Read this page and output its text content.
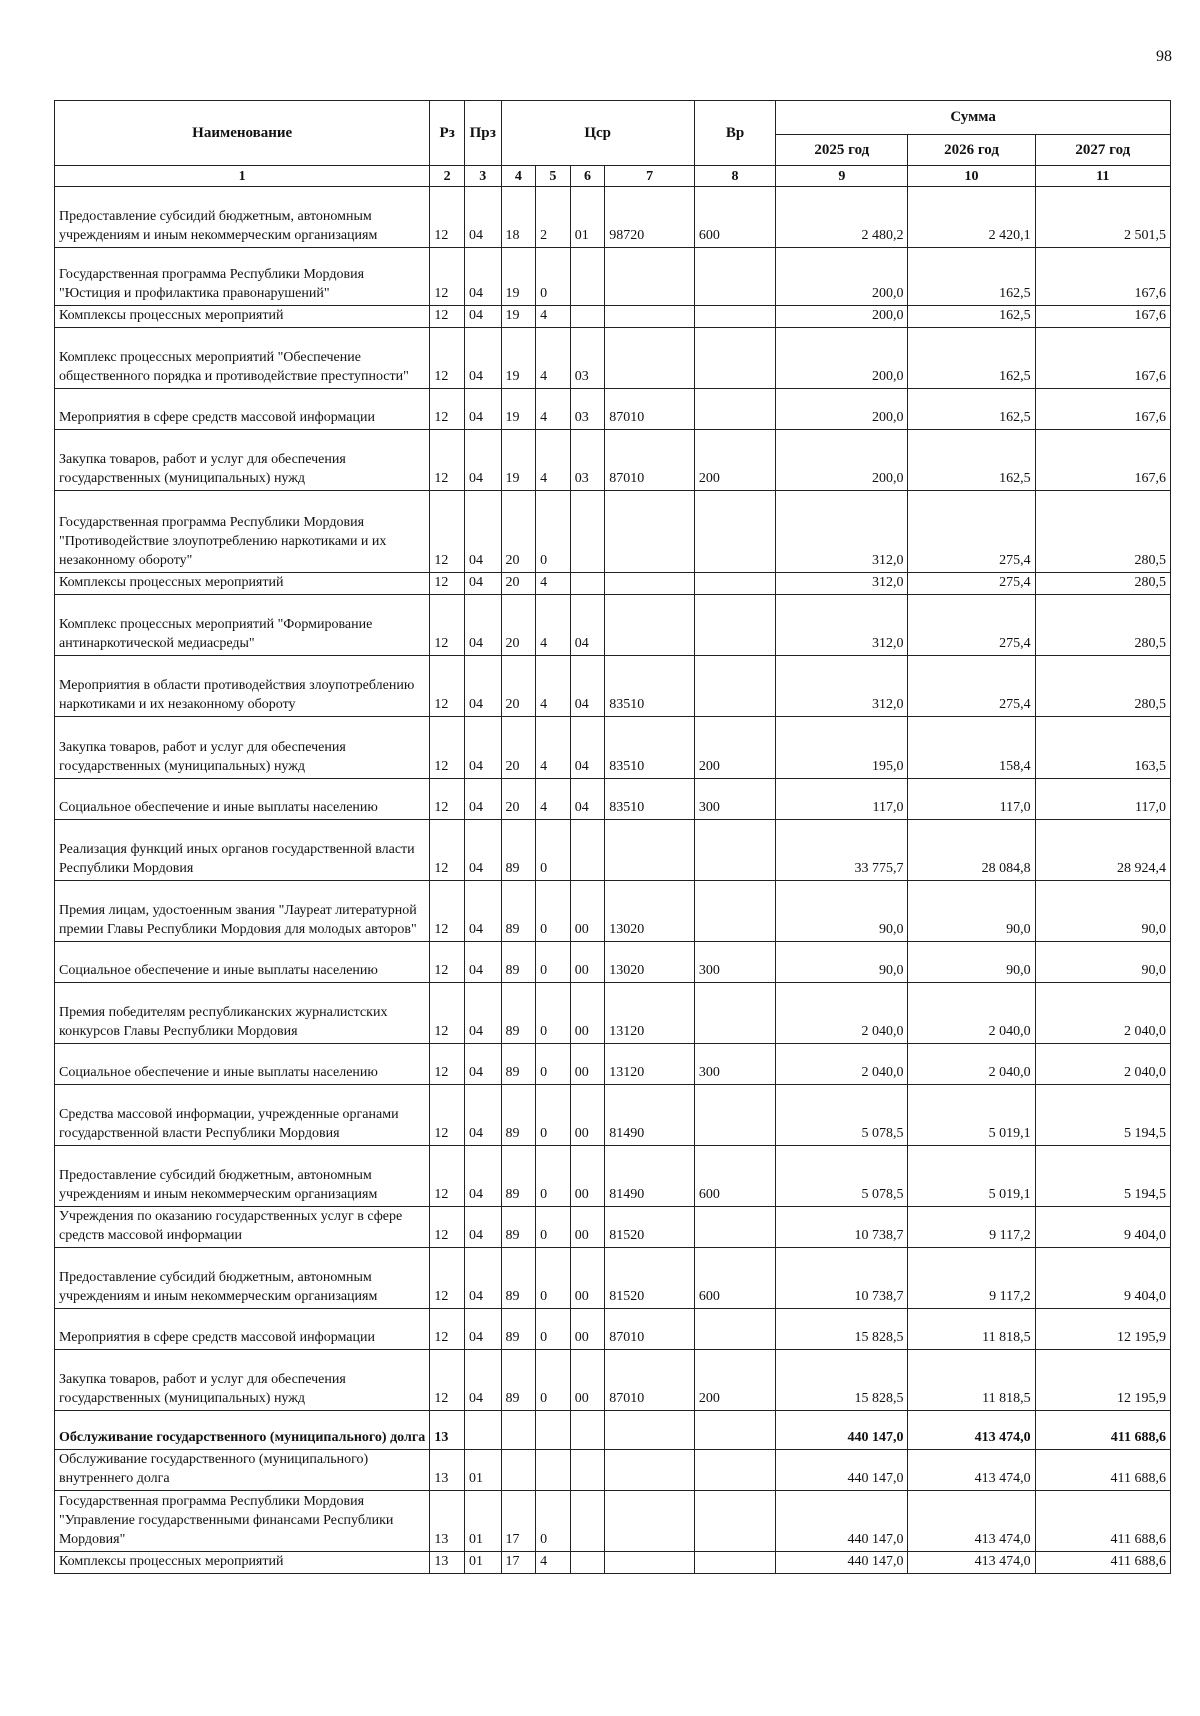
98
Наименование	Рз	Прз	Цср				Вр	Сумма		
								2025 год	2026 год	2027 год
1	2	3	4	5	6	7	8	9	10	11
Предоставление субсидий бюджетным, автономным учреждениям и иным некоммерческим организациям	12	04	18	2	01	98720	600	2 480,2	2 420,1	2 501,5
Государственная программа Республики Мордовия "Юстиция и профилактика правонарушений"	12	04	19	0				200,0	162,5	167,6
Комплексы процессных мероприятий	12	04	19	4				200,0	162,5	167,6
Комплекс процессных мероприятий "Обеспечение общественного порядка и противодействие преступности"	12	04	19	4	03			200,0	162,5	167,6
Мероприятия в сфере средств массовой информации	12	04	19	4	03	87010		200,0	162,5	167,6
Закупка товаров, работ и услуг для обеспечения государственных (муниципальных) нужд	12	04	19	4	03	87010	200	200,0	162,5	167,6
Государственная программа Республики Мордовия "Противодействие злоупотреблению наркотиками и их незаконному обороту"	12	04	20	0				312,0	275,4	280,5
Комплексы процессных мероприятий	12	04	20	4				312,0	275,4	280,5
Комплекс процессных мероприятий "Формирование антинаркотической медиасреды"	12	04	20	4	04			312,0	275,4	280,5
Мероприятия в области противодействия злоупотреблению наркотиками и их незаконному обороту	12	04	20	4	04	83510		312,0	275,4	280,5
Закупка товаров, работ и услуг для обеспечения государственных (муниципальных) нужд	12	04	20	4	04	83510	200	195,0	158,4	163,5
Социальное обеспечение и иные выплаты населению	12	04	20	4	04	83510	300	117,0	117,0	117,0
Реализация функций иных органов государственной власти Республики Мордовия	12	04	89	0				33 775,7	28 084,8	28 924,4
Премия лицам, удостоенным звания "Лауреат литературной премии Главы Республики Мордовия для молодых авторов"	12	04	89	0	00	13020		90,0	90,0	90,0
Социальное обеспечение и иные выплаты населению	12	04	89	0	00	13020	300	90,0	90,0	90,0
Премия победителям республиканских журналистских конкурсов Главы Республики Мордовия	12	04	89	0	00	13120		2 040,0	2 040,0	2 040,0
Социальное обеспечение и иные выплаты населению	12	04	89	0	00	13120	300	2 040,0	2 040,0	2 040,0
Средства массовой информации, учрежденные органами государственной власти Республики Мордовия	12	04	89	0	00	81490		5 078,5	5 019,1	5 194,5
Предоставление субсидий бюджетным, автономным учреждениям и иным некоммерческим организациям	12	04	89	0	00	81490	600	5 078,5	5 019,1	5 194,5
Учреждения по оказанию государственных услуг в сфере средств массовой информации	12	04	89	0	00	81520		10 738,7	9 117,2	9 404,0
Предоставление субсидий бюджетным, автономным учреждениям и иным некоммерческим организациям	12	04	89	0	00	81520	600	10 738,7	9 117,2	9 404,0
Мероприятия в сфере средств массовой информации	12	04	89	0	00	87010		15 828,5	11 818,5	12 195,9
Закупка товаров, работ и услуг для обеспечения государственных (муниципальных) нужд	12	04	89	0	00	87010	200	15 828,5	11 818,5	12 195,9
Обслуживание государственного (муниципального) долга	13							440 147,0	413 474,0	411 688,6
Обслуживание государственного (муниципального) внутреннего долга	13	01						440 147,0	413 474,0	411 688,6
Государственная программа Республики Мордовия "Управление государственными финансами Республики Мордовия"	13	01	17	0				440 147,0	413 474,0	411 688,6
Комплексы процессных мероприятий	13	01	17	4				440 147,0	413 474,0	411 688,6
